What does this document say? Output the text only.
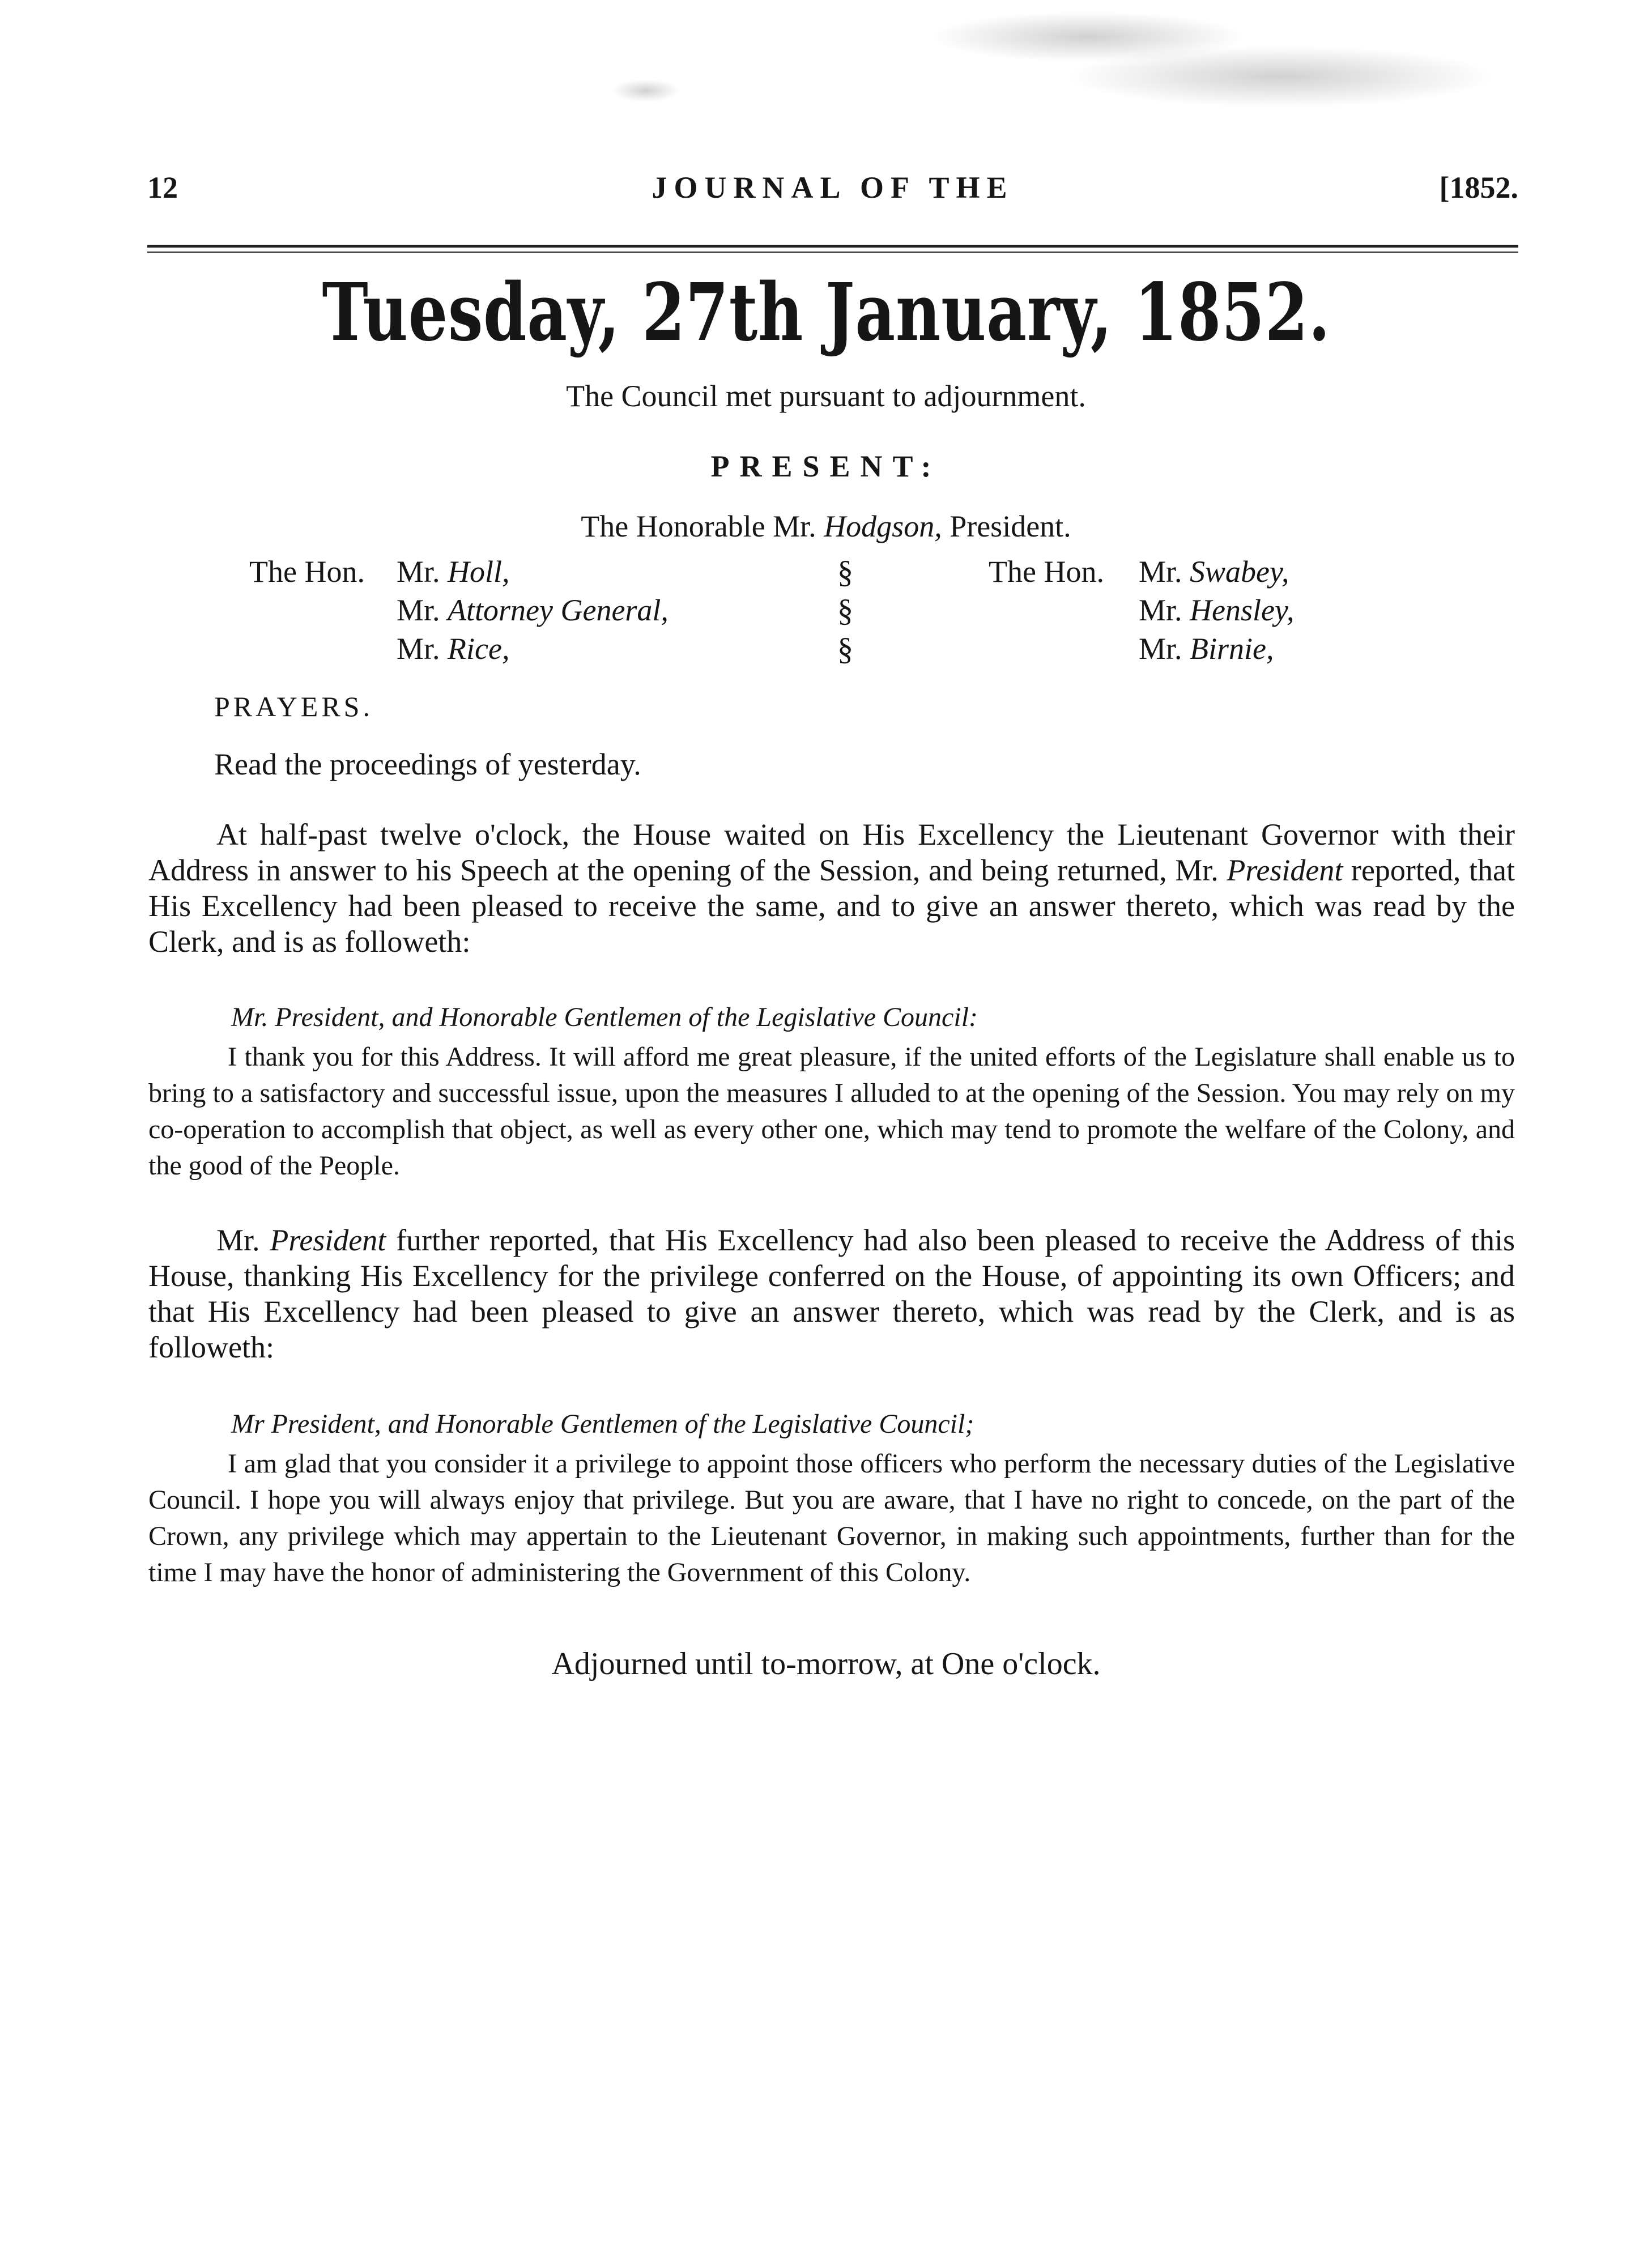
12	JOURNAL OF THE	[1852.
Tuesday, 27th January, 1852.
The Council met pursuant to adjournment.
PRESENT:
The Honorable Mr. Hodgson, President.
The Hon. Mr. Holl,
Mr. Attorney General,
Mr. Rice,
§
§
§
The Hon. Mr. Swabey,
Mr. Hensley,
Mr. Birnie,
PRAYERS.
Read the proceedings of yesterday.
At half-past twelve o'clock, the House waited on His Excellency the Lieutenant Governor with their Address in answer to his Speech at the opening of the Session, and being returned, Mr. President reported, that His Excellency had been pleased to receive the same, and to give an answer thereto, which was read by the Clerk, and is as followeth:
Mr. President, and Honorable Gentlemen of the Legislative Council:
I thank you for this Address. It will afford me great pleasure, if the united efforts of the Legislature shall enable us to bring to a satisfactory and successful issue, upon the measures I alluded to at the opening of the Session. You may rely on my co-operation to accomplish that object, as well as every other one, which may tend to promote the welfare of the Colony, and the good of the People.
Mr. President further reported, that His Excellency had also been pleased to receive the Address of this House, thanking His Excellency for the privilege conferred on the House, of appointing its own Officers; and that His Excellency had been pleased to give an answer thereto, which was read by the Clerk, and is as followeth:
Mr President, and Honorable Gentlemen of the Legislative Council;
I am glad that you consider it a privilege to appoint those officers who perform the necessary duties of the Legislative Council. I hope you will always enjoy that privilege. But you are aware, that I have no right to concede, on the part of the Crown, any privilege which may appertain to the Lieutenant Governor, in making such appointments, further than for the time I may have the honor of administering the Government of this Colony.
Adjourned until to-morrow, at One o'clock.
